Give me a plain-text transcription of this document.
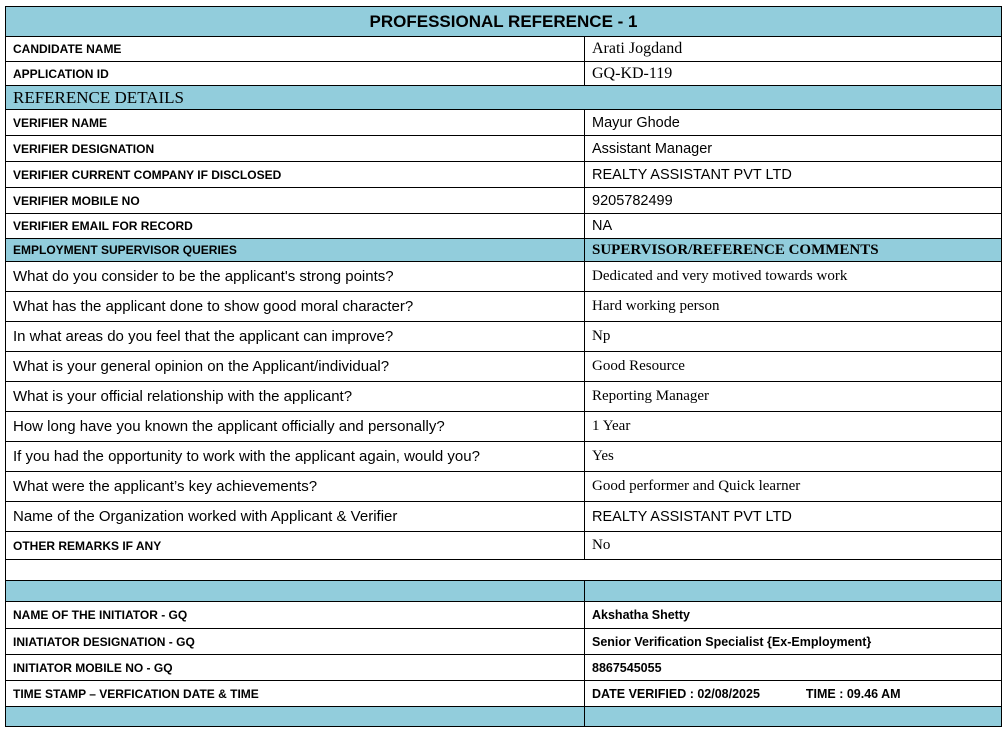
PROFESSIONAL REFERENCE - 1	
CANDIDATE NAME	Arati Jogdand
APPLICATION ID	GQ-KD-119
REFERENCE DETAILS	
VERIFIER NAME	Mayur Ghode
VERIFIER DESIGNATION	Assistant Manager
VERIFIER CURRENT COMPANY IF DISCLOSED	REALTY ASSISTANT PVT LTD
VERIFIER MOBILE NO	9205782499
VERIFIER EMAIL FOR RECORD	NA
EMPLOYMENT SUPERVISOR QUERIES	SUPERVISOR/REFERENCE COMMENTS
What do you consider to be the applicant's strong points?	Dedicated and very motived towards work
What has the applicant done to show good moral character?	Hard working person
In what areas do you feel that the applicant can improve?	Np
What is your general opinion on the Applicant/individual?	Good Resource
What is your official relationship with the applicant?	Reporting Manager
How long have you known the applicant officially and personally?	1 Year
If you had the opportunity to work with the applicant again, would you?	Yes
What were the applicant’s key achievements?	Good performer and Quick learner
Name of the Organization worked with Applicant & Verifier	REALTY ASSISTANT PVT LTD
OTHER REMARKS IF ANY	No

NAME OF THE INITIATOR - GQ	Akshatha Shetty
INIATIATOR DESIGNATION - GQ	Senior Verification Specialist {Ex-Employment}
INITIATOR MOBILE NO - GQ	8867545055
TIME STAMP – VERFICATION DATE & TIME	DATE VERIFIED : 02/08/2025 TIME : 09.46 AM
